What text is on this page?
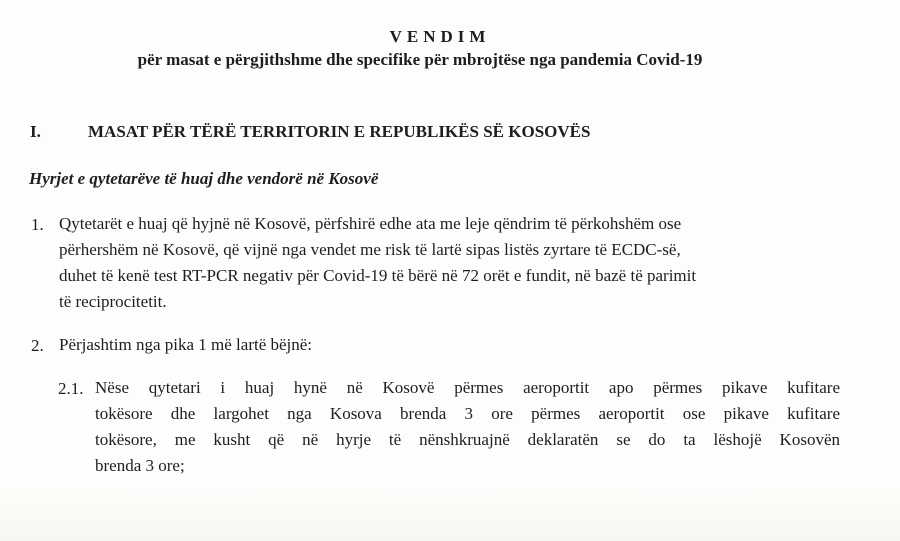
VENDIM
për masat e përgjithshme dhe specifike për mbrojtëse nga pandemia Covid-19
I.	MASAT PËR TËRË TERRITORIN E REPUBLIKËS SË KOSOVËS
Hyrjet e qytetarëve të huaj dhe vendorë në Kosovë
1. Qytetarët e huaj që hyjnë në Kosovë, përfshirë edhe ata me leje qëndrim të përkohshëm ose
përhershëm në Kosovë, që vijnë nga vendet me risk të lartë sipas listës zyrtare të ECDC-së,
duhet të kenë test RT-PCR negativ për Covid-19 të bërë në 72 orët e fundit, në bazë të parimit
të reciprocitetit.
2. Përjashtim nga pika 1 më lartë bëjnë:
2.1. Nëse qytetari i huaj hynë në Kosovë përmes aeroportit apo përmes pikave kufitare
tokësore dhe largohet nga Kosova brenda 3 ore përmes aeroportit ose pikave kufitare
tokësore, me kusht që në hyrje të nënshkruajnë deklaratën se do ta lëshojë Kosovën
brenda 3 ore;
